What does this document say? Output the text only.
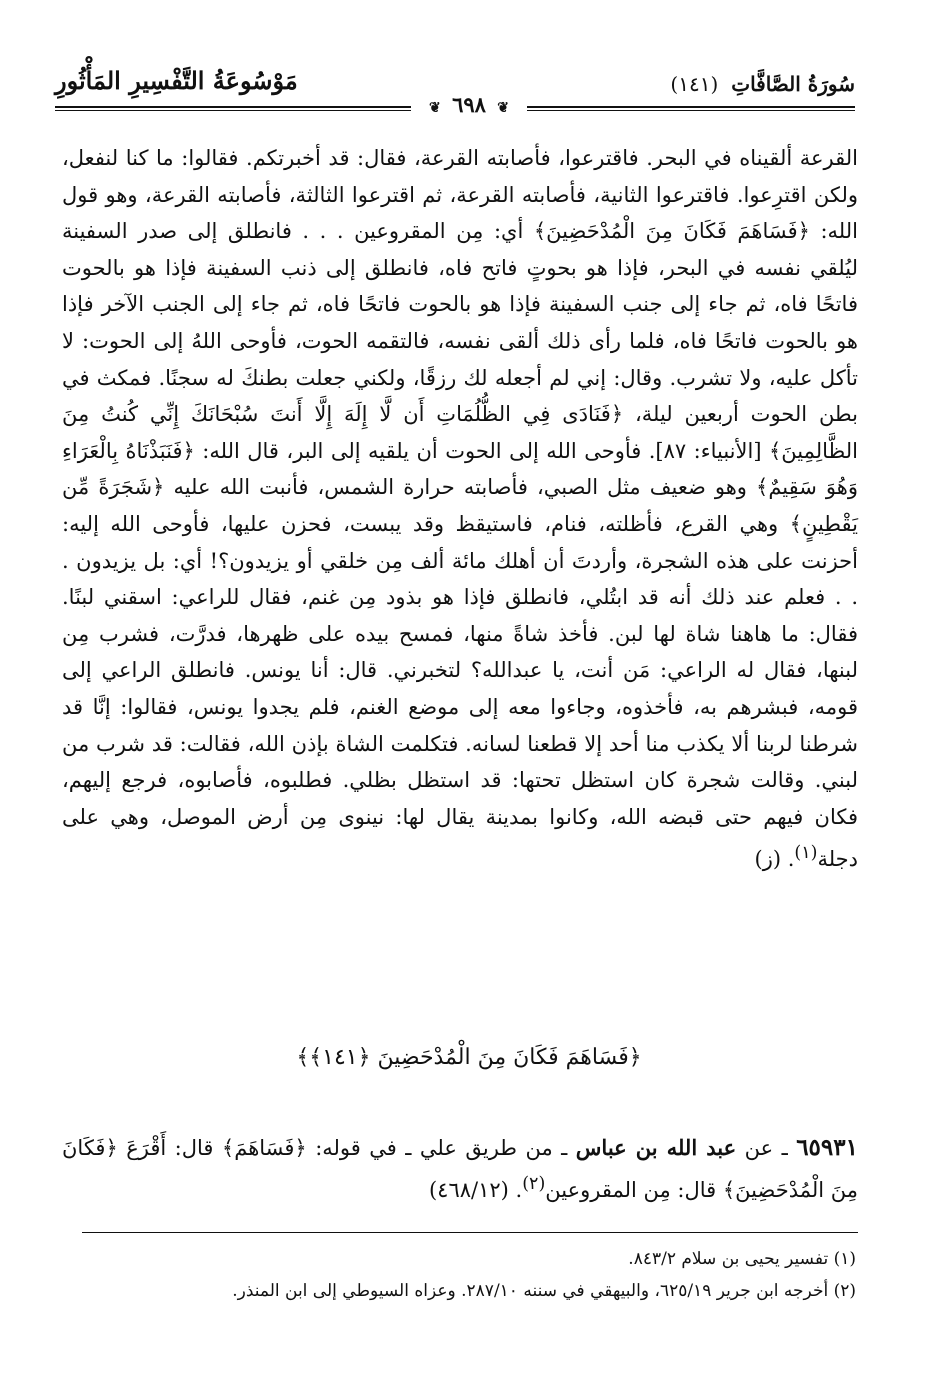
سُورَةُ الصَّافَّاتِ (١٤١)
مَوْسُوعَةُ التَّفْسِيرِ المَأْثُورِ
❦ ٦٩٨ ❦

القرعة ألقيناه في البحر. فاقترعوا، فأصابته القرعة، فقال: قد أخبرتكم. فقالوا: ما كنا لنفعل، ولكن اقترِعوا. فاقترعوا الثانية، فأصابته القرعة، ثم اقترعوا الثالثة، فأصابته القرعة، وهو قول الله: ﴿فَسَاهَمَ فَكَانَ مِنَ الْمُدْحَضِينَ﴾ أي: مِن المقروعين . . . فانطلق إلى صدر السفينة ليُلقي نفسه في البحر، فإذا هو بحوتٍ فاتح فاه، فانطلق إلى ذنب السفينة فإذا هو بالحوت فاتحًا فاه، ثم جاء إلى جنب السفينة فإذا هو بالحوت فاتحًا فاه، ثم جاء إلى الجنب الآخر فإذا هو بالحوت فاتحًا فاه، فلما رأى ذلك ألقى نفسه، فالتقمه الحوت، فأوحى اللهُ إلى الحوت: لا تأكل عليه، ولا تشرب. وقال: إني لم أجعله لك رزقًا، ولكني جعلت بطنكَ له سجنًا. فمكث في بطن الحوت أربعين ليلة، ﴿فَنَادَى فِي الظُّلُمَاتِ أَن لَّا إِلَهَ إِلَّا أَنتَ سُبْحَانَكَ إِنِّي كُنتُ مِنَ الظَّالِمِينَ﴾ [الأنبياء: ٨٧]. فأوحى الله إلى الحوت أن يلقيه إلى البر، قال الله: ﴿فَنَبَذْنَاهُ بِالْعَرَاءِ وَهُوَ سَقِيمٌ﴾ وهو ضعيف مثل الصبي، فأصابته حرارة الشمس، فأنبت الله عليه ﴿شَجَرَةً مِّن يَقْطِينٍ﴾ وهي القرع، فأظلته، فنام، فاستيقظ وقد يبست، فحزن عليها، فأوحى الله إليه: أحزنت على هذه الشجرة، وأردتَ أن أهلك مائة ألف مِن خلقي أو يزيدون؟! أي: بل يزيدون . . . فعلم عند ذلك أنه قد ابتُلي، فانطلق فإذا هو بذود مِن غنم، فقال للراعي: اسقني لبنًا. فقال: ما هاهنا شاة لها لبن. فأخذ شاةً منها، فمسح بيده على ظهرها، فدرَّت، فشرب مِن لبنها، فقال له الراعي: مَن أنت، يا عبدالله؟ لتخبرني. قال: أنا يونس. فانطلق الراعي إلى قومه، فبشرهم به، فأخذوه، وجاءوا معه إلى موضع الغنم، فلم يجدوا يونس، فقالوا: إنَّا قد شرطنا لربنا ألا يكذب منا أحد إلا قطعنا لسانه. فتكلمت الشاة بإذن الله، فقالت: قد شرب من لبني. وقالت شجرة كان استظل تحتها: قد استظل بظلي. فطلبوه، فأصابوه، فرجع إليهم، فكان فيهم حتى قبضه الله، وكانوا بمدينة يقال لها: نينوى مِن أرض الموصل، وهي على دجلة$^{(١)}$. (ز)

﴿فَسَاهَمَ فَكَانَ مِنَ الْمُدْحَضِينَ ﴿١٤١﴾﴾
٦٥٩٣١ ـ عن عبد الله بن عباس ـ من طريق علي ـ في قوله: ﴿فَسَاهَمَ﴾ قال: أَقْرَعَ ﴿فَكَانَ مِنَ الْمُدْحَضِينَ﴾ قال: مِن المقروعين$^{(٢)}$. (٤٦٨/١٢)
(١) تفسير يحيى بن سلام ٨٤٣/٢.
(٢) أخرجه ابن جرير ٦٢٥/١٩، والبيهقي في سننه ٢٨٧/١٠. وعزاه السيوطي إلى ابن المنذر.
